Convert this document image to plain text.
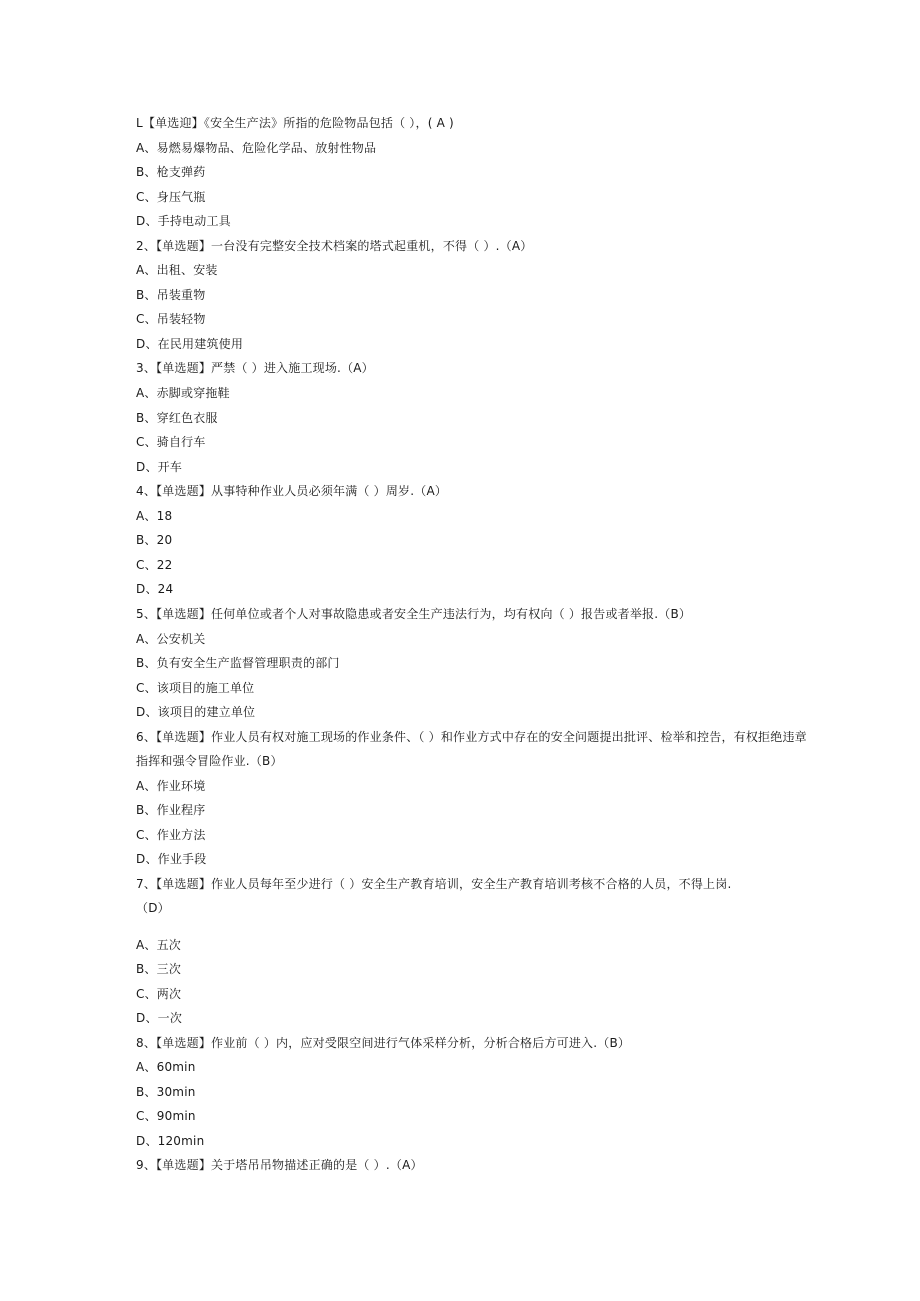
L【单选迎】《安全生产法》所指的危险物品包括（ ），( A )
A、易燃易爆物品、危险化学品、放射性物品
B、枪支弹药
C、身压气瓶
D、手持电动工具
2、【单选题】一台没有完整安全技术档案的塔式起重机，不得（ ）.（A）
A、出租、安装
B、吊装重物
C、吊装轻物
D、在民用建筑使用
3、【单选题】严禁（ ）进入施工现场.（A）
A、赤脚或穿拖鞋
B、穿红色衣服
C、骑自行车
D、开车
4、【单选题】从事特种作业人员必须年满（ ）周岁.（A）
A、18
B、20
C、22
D、24
5、【单选题】任何单位或者个人对事故隐患或者安全生产违法行为，均有权向（ ）报告或者举报.（B）
A、公安机关
B、负有安全生产监督管理职责的部门
C、该项目的施工单位
D、该项目的建立单位
6、【单选题】作业人员有权对施工现场的作业条件、（ ）和作业方式中存在的安全问题提出批评、检举和控告，有权拒绝违章
指挥和强令冒险作业.（B）
A、作业环境
B、作业程序
C、作业方法
D、作业手段
7、【单选题】作业人员每年至少进行（ ）安全生产教育培训，安全生产教育培训考核不合格的人员，不得上岗.
（D）
A、五次
B、三次
C、两次
D、一次
8、【单选题】作业前（ ）内，应对受限空间进行气体采样分析，分析合格后方可进入.（B）
A、60min
B、30min
C、90min
D、120min
9、【单选题】关于塔吊吊物描述正确的是（ ）.（A）
